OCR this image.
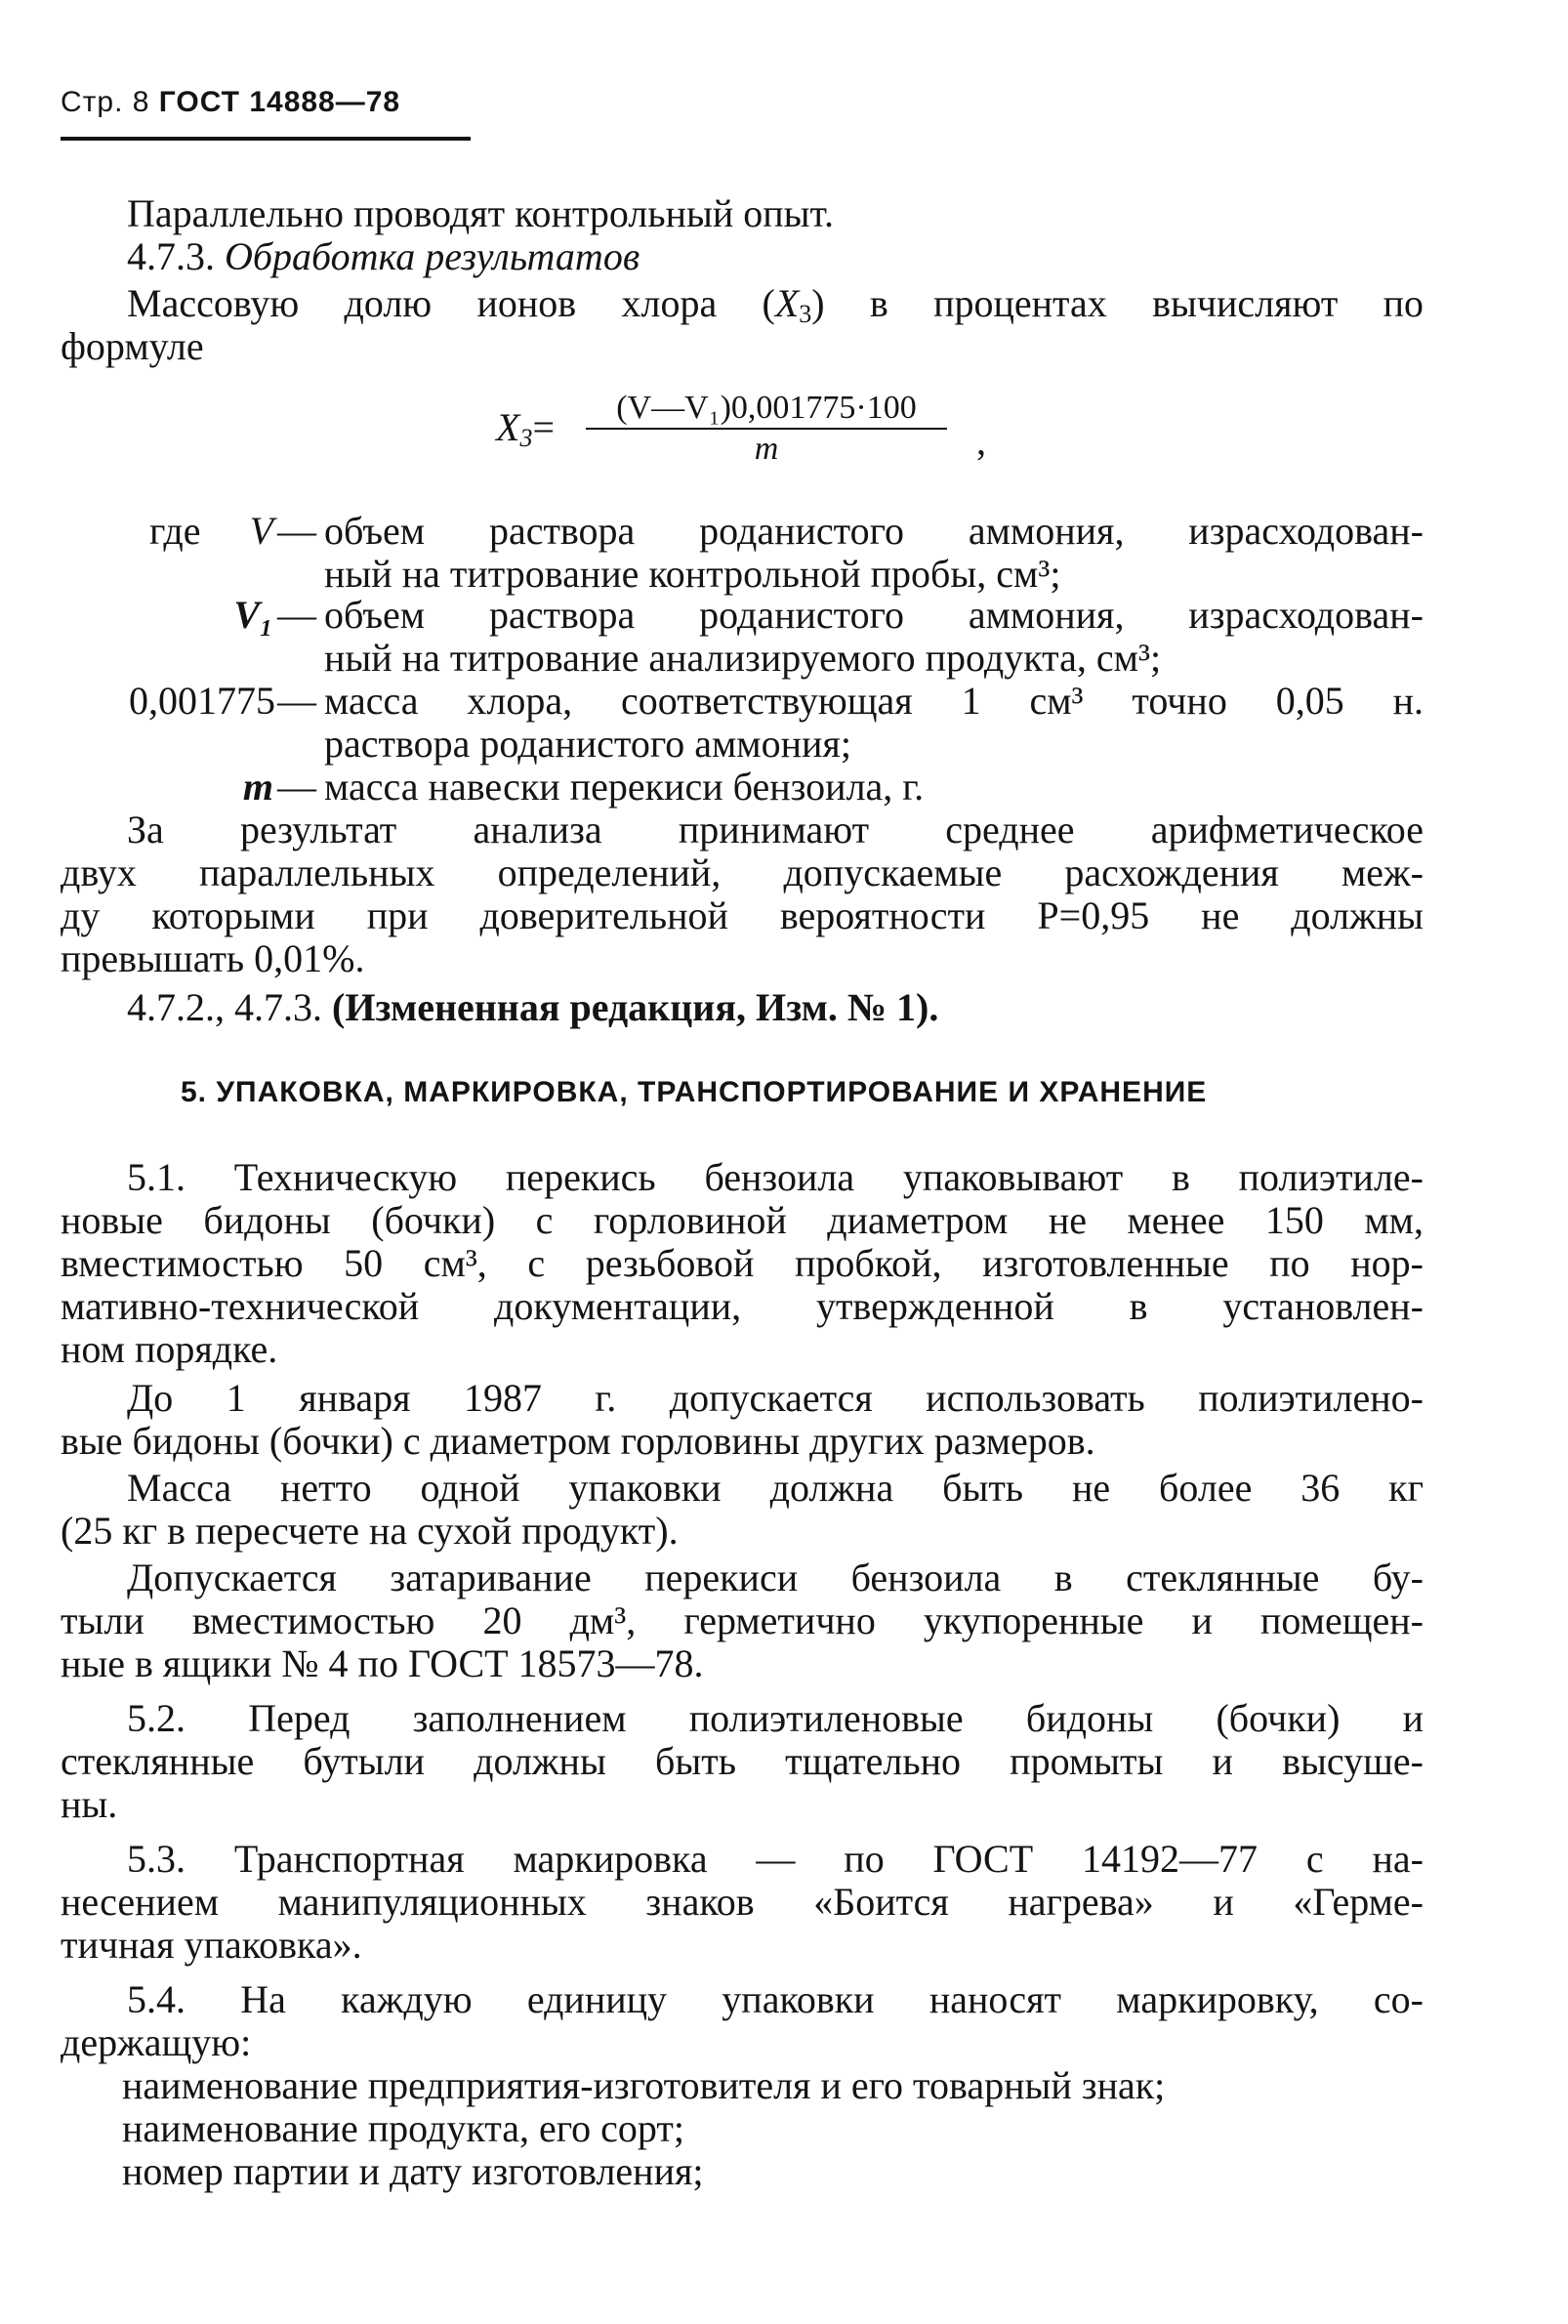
Стр. 8 ГОСТ 14888—78
Параллельно проводят контрольный опыт.
4.7.3. Обработка результатов
Массовую долю ионов хлора $(X_3)$ в процентах вычисляют по
формуле
$X_3= \frac{\text{(V—V₁)0,001775·100}}{m}$ ,
где	V — объем раствора роданистого аммония, израсходован-
ный на титрование контрольной пробы, см³;
V₁ — объем раствора роданистого аммония, израсходован-
ный на титрование анализируемого продукта, см³;
0,001775 — масса хлора, соответствующая 1 см³ точно 0,05 н.
раствора роданистого аммония;
m — масса навески перекиси бензоила, г.
За результат анализа принимают среднее арифметическое
двух параллельных определений, допускаемые расхождения меж-
ду которыми при доверительной вероятности P=0,95 не должны
превышать 0,01%.
4.7.2., 4.7.3. (Измененная редакция, Изм. № 1).
5. УПАКОВКА, МАРКИРОВКА, ТРАНСПОРТИРОВАНИЕ И ХРАНЕНИЕ
5.1. Техническую перекись бензоила упаковывают в полиэтиле-
новые бидоны (бочки) с горловиной диаметром не менее 150 мм,
вместимостью 50 см³, с резьбовой пробкой, изготовленные по нор-
мативно-технической документации, утвержденной в установлен-
ном порядке.
До 1 января 1987 г. допускается использовать полиэтилено-
вые бидоны (бочки) с диаметром горловины других размеров.
Масса нетто одной упаковки должна быть не более 36 кг
(25 кг в пересчете на сухой продукт).
Допускается затаривание перекиси бензоила в стеклянные бу-
тыли вместимостью 20 дм³, герметично укупоренные и помещен-
ные в ящики № 4 по ГОСТ 18573—78.
5.2. Перед заполнением полиэтиленовые бидоны (бочки) и
стеклянные бутыли должны быть тщательно промыты и высуше-
ны.
5.3. Транспортная маркировка — по ГОСТ 14192—77 с на-
несением манипуляционных знаков «Боится нагрева» и «Герме-
тичная упаковка».
5.4. На каждую единицу упаковки наносят маркировку, со-
держащую:
наименование предприятия-изготовителя и его товарный знак;
наименование продукта, его сорт;
номер партии и дату изготовления;
